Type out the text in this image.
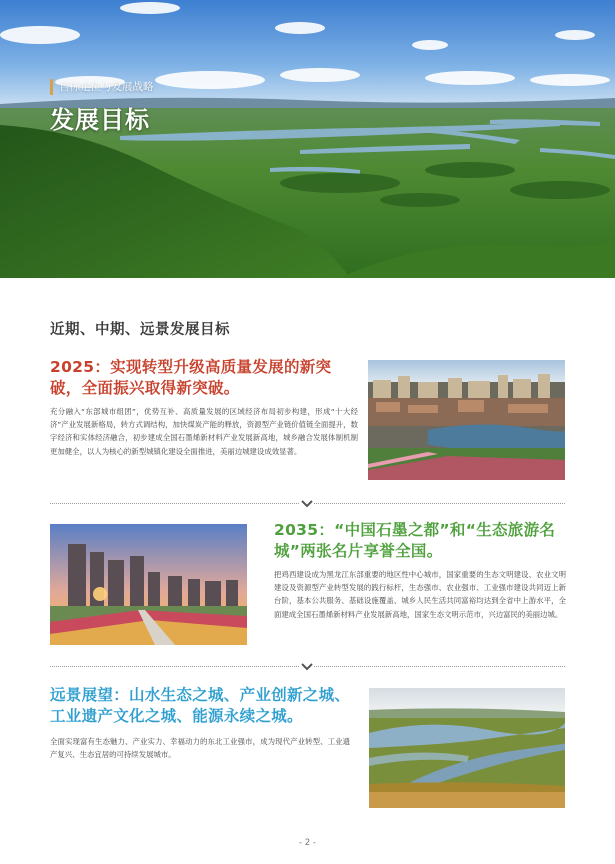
目标定位与发展战略
发展目标
近期、中期、远景发展目标
2025：实现转型升级高质量发展的新突破，全面振兴取得新突破。
充分融入“东部城市组团”，优势互补、高质量发展的区域经济布局初步构建，形成“十大经济”产业发展新格局，转方式调结构，加快煤炭产能的释放，资源型产业链价值链全面提升，数字经济和实体经济融合，初步建成全国石墨烯新材料产业发展新高地，城乡融合发展体制机制更加健全，以人为核心的新型城镇化建设全面推进，美丽边城建设成效显著。
2035：“中国石墨之都”和“生态旅游名城”两张名片享誉全国。
把鸡西建设成为黑龙江东部重要的地区性中心城市，国家重要的生态文明建设、农业文明建设及资源型产业转型发展的践行标杆，生态强市、农业强市、工业强市建设共同迈上新台阶，基本公共服务、基础设施覆盖、城乡人民生活共同富裕均达到全省中上游水平，全面建成全国石墨烯新材料产业发展新高地，国家生态文明示范市，兴边富民的美丽边城。
远景展望：山水生态之城、产业创新之城、工业遗产文化之城、能源永续之城。
全面实现富有生态魅力、产业实力、幸福动力的东北工业强市，成为现代产业转型、工业遗产复兴、生态宜居的可持续发展城市。
- 2 -
